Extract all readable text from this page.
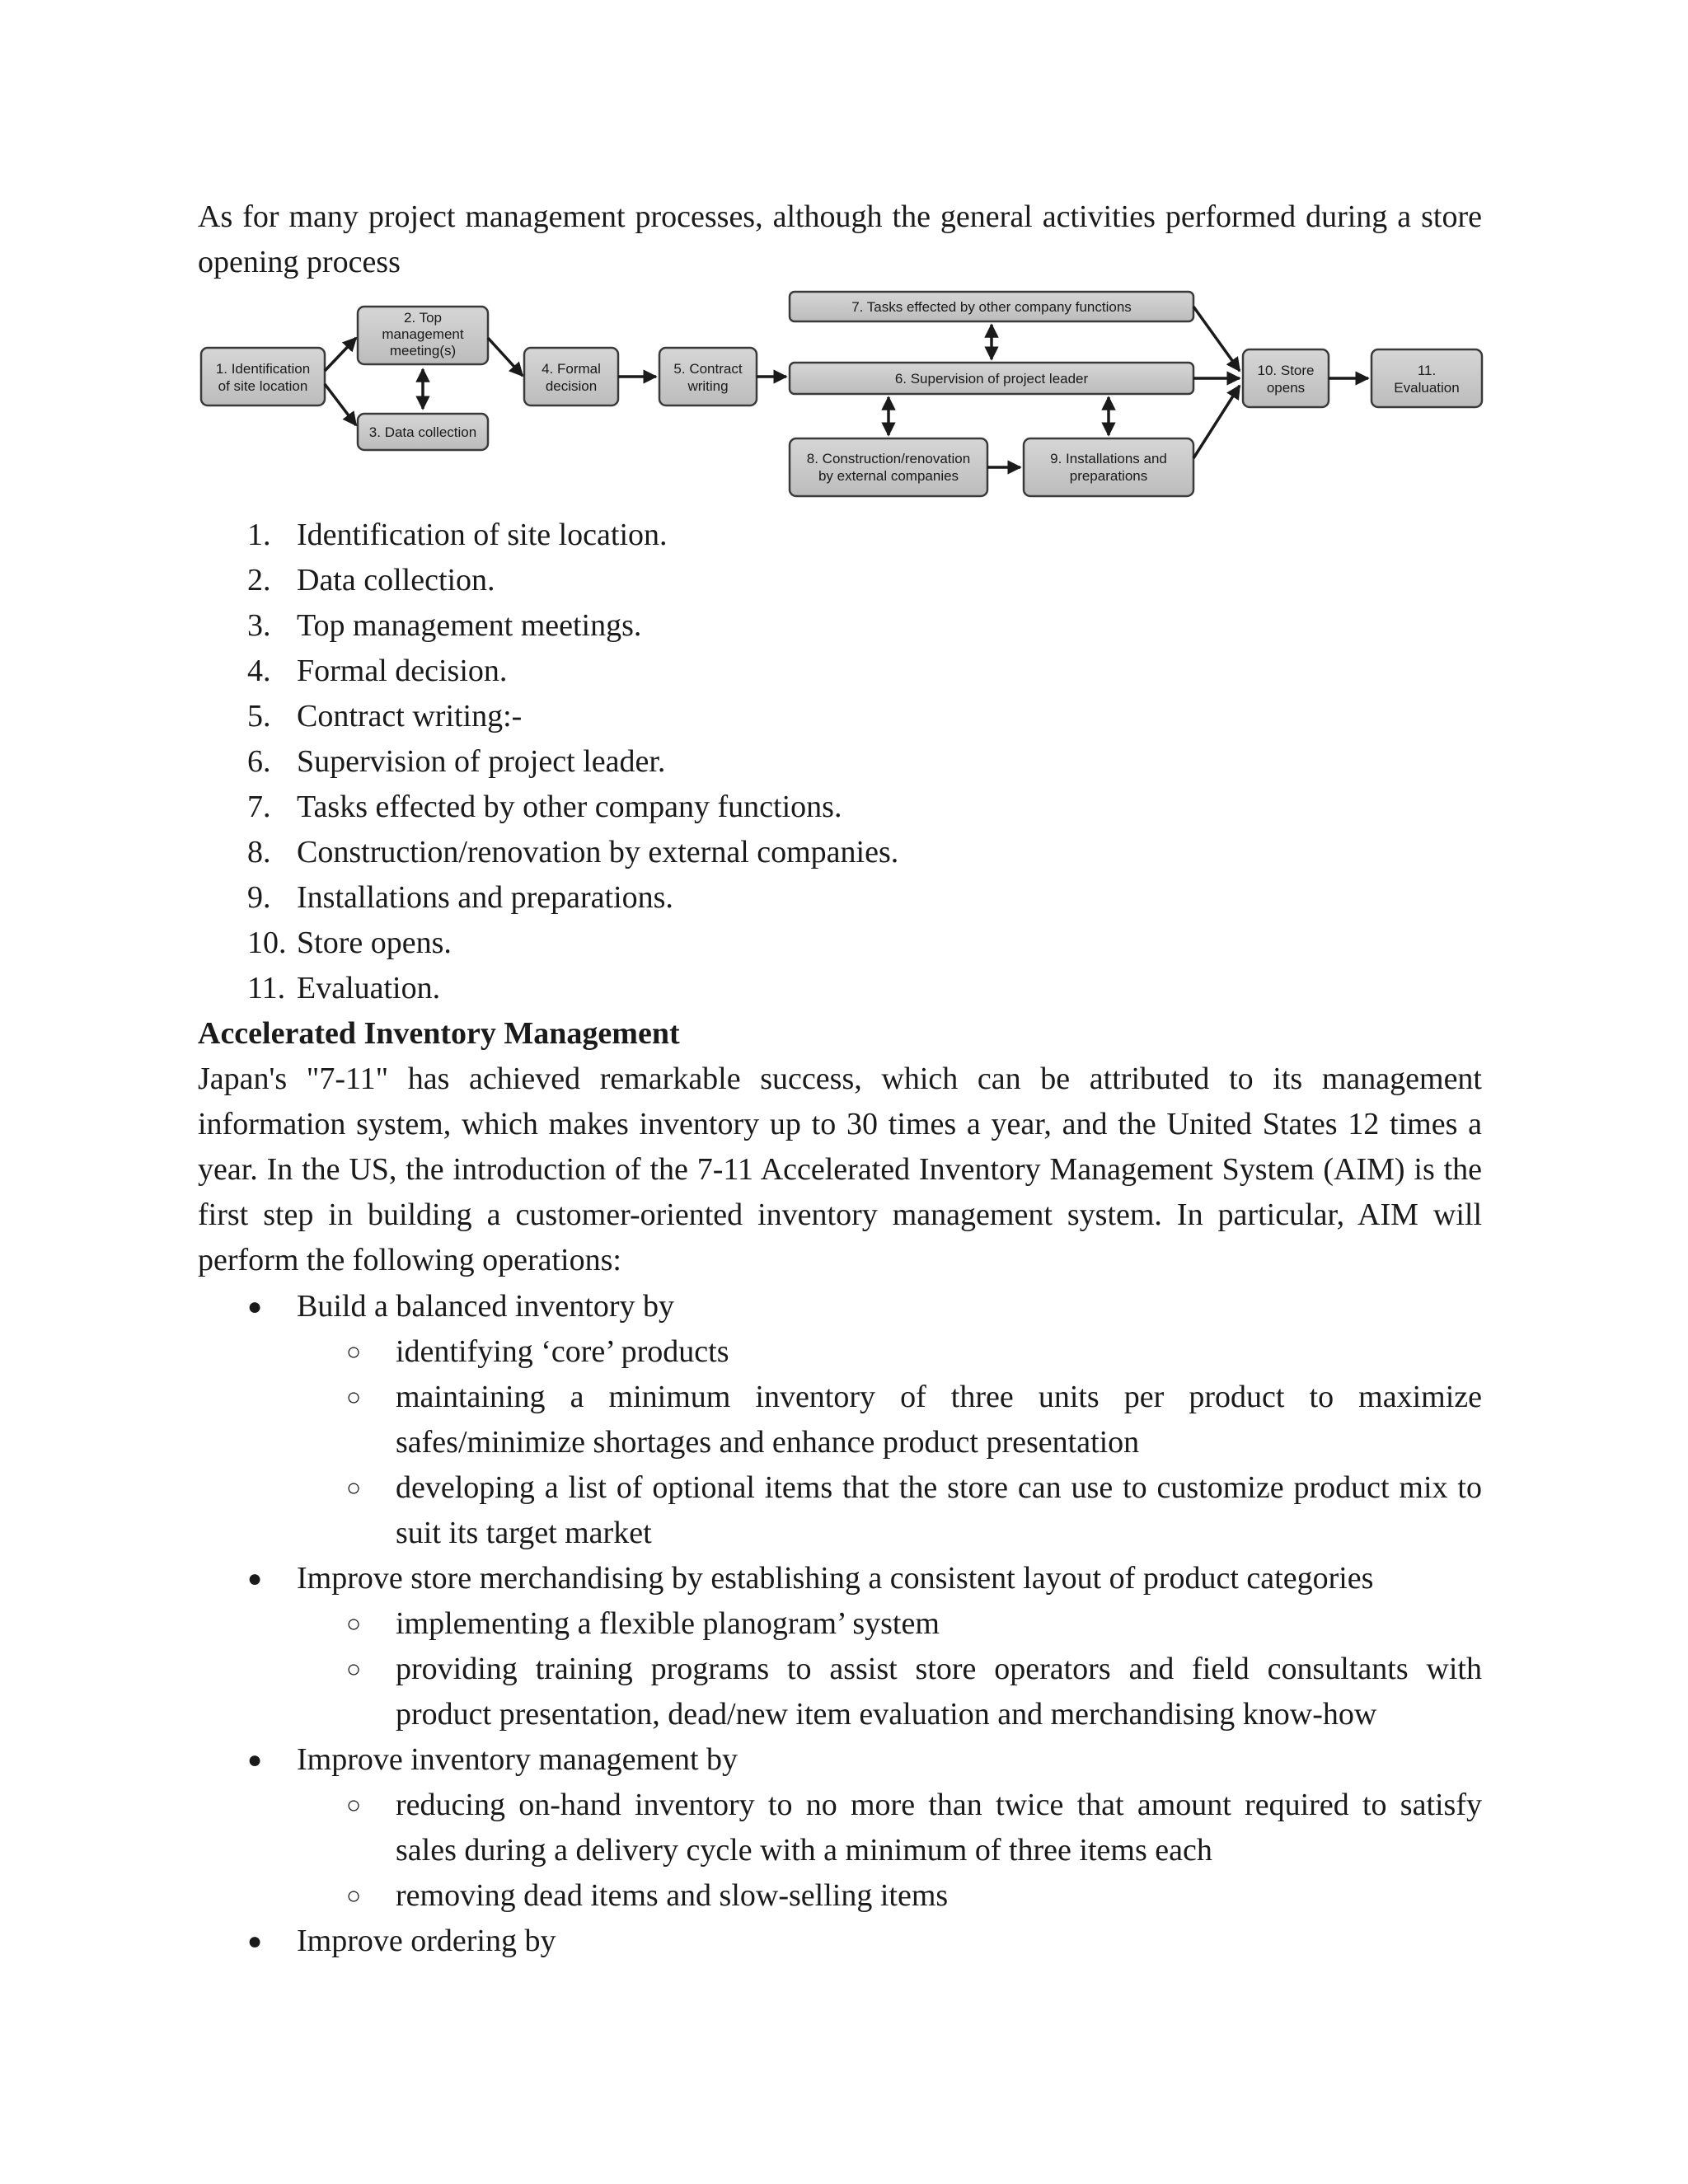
As for many project management processes, although the general activities performed during a store opening process
1. Identification of site location
2. Top management meeting(s)
3. Data collection
4. Formal decision
5. Contract writing	6. Supervision of project leader
7. Tasks effected by other company functions
8. Construction/renovation by external companies
9. Installations and preparations
10. Store opens
11. Evaluation
1. Identification of site location.
2. Data collection.
3. Top management meetings.
4. Formal decision.
5. Contract writing:-
6. Supervision of project leader.
7. Tasks effected by other company functions.
8. Construction/renovation by external companies.
9. Installations and preparations.
10. Store opens.
11. Evaluation.
Accelerated Inventory Management
Japan's "7-11" has achieved remarkable success, which can be attributed to its management information system, which makes inventory up to 30 times a year, and the United States 12 times a year. In the US, the introduction of the 7-11 Accelerated Inventory Management System (AIM) is the first step in building a customer-oriented inventory management system. In particular, AIM will perform the following operations:
● Build a balanced inventory by
○ identifying ‘core’ products
○ maintaining a minimum inventory of three units per product to maximize safes/minimize shortages and enhance product presentation
○ developing a list of optional items that the store can use to customize product mix to suit its target market
● Improve store merchandising by establishing a consistent layout of product categories
○ implementing a flexible planogram’ system
○ providing training programs to assist store operators and field consultants with product presentation, dead/new item evaluation and merchandising know-how
● Improve inventory management by
○ reducing on-hand inventory to no more than twice that amount required to satisfy sales during a delivery cycle with a minimum of three items each
○ removing dead items and slow-selling items
● Improve ordering by
